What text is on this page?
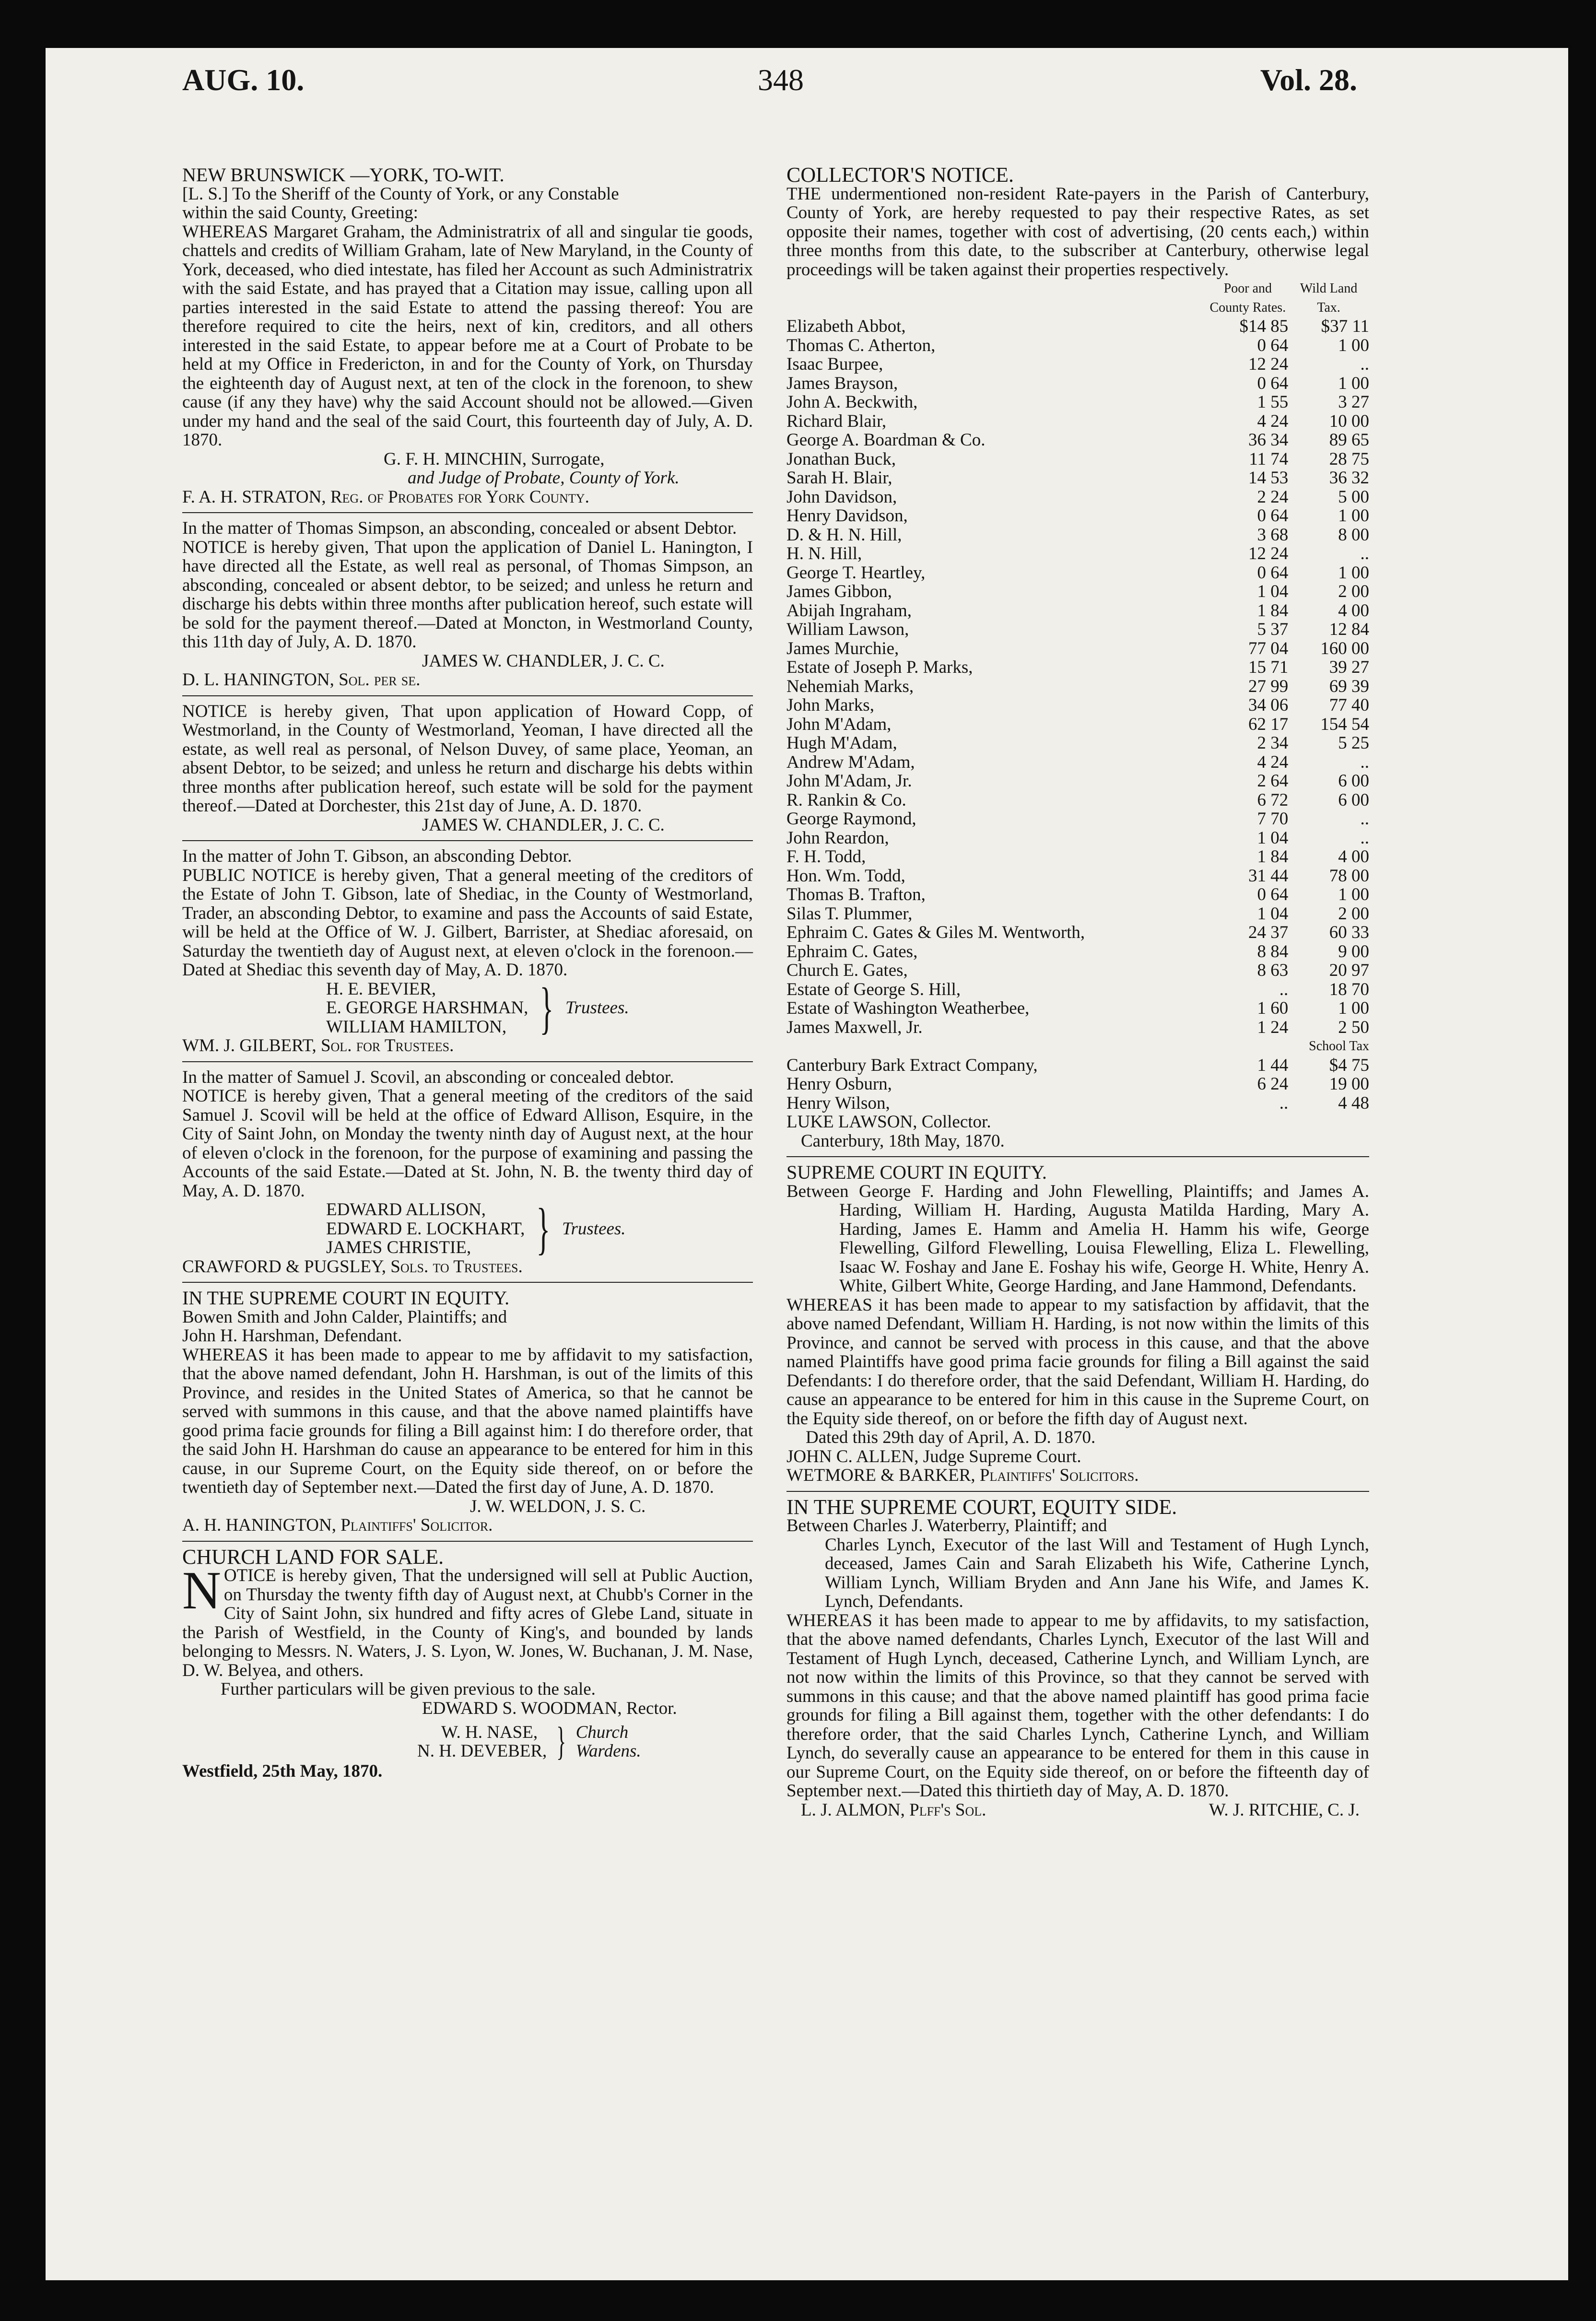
AUG. 10.	348	Vol. 28.

NEW BRUNSWICK —YORK, TO-WIT.

[L. S.] To the Sheriff of the County of York, or any Constable

within the said County, Greeting:

WHEREAS Margaret Graham, the Administratrix of all and singular tie goods, chattels and credits of William Graham, late of New Maryland, in the County of York, deceased, who died intestate, has filed her Account as such Administratrix with the said Estate, and has prayed that a Citation may issue, calling upon all parties interested in the said Estate to attend the passing thereof: You are therefore required to cite the heirs, next of kin, creditors, and all others interested in the said Estate, to appear before me at a Court of Probate to be held at my Office in Fredericton, in and for the County of York, on Thursday the eighteenth day of August next, at ten of the clock in the forenoon, to shew cause (if any they have) why the said Account should not be allowed.—Given under my hand and the seal of the said Court, this fourteenth day of July, A. D. 1870.

G. F. H. MINCHIN, Surrogate,

and Judge of Probate, County of York.

F. A. H. STRATON, Reg. of Probates for York County.

In the matter of Thomas Simpson, an absconding, concealed or absent Debtor.

NOTICE is hereby given, That upon the application of Daniel L. Hanington, I have directed all the Estate, as well real as personal, of Thomas Simpson, an absconding, concealed or absent debtor, to be seized; and unless he return and discharge his debts within three months after publication hereof, such estate will be sold for the payment thereof.—Dated at Moncton, in Westmorland County, this 11th day of July, A. D. 1870.

JAMES W. CHANDLER, J. C. C.

D. L. HANINGTON, Sol. per se.

NOTICE is hereby given, That upon application of Howard Copp, of Westmorland, in the County of Westmorland, Yeoman, I have directed all the estate, as well real as personal, of Nelson Duvey, of same place, Yeoman, an absent Debtor, to be seized; and unless he return and discharge his debts within three months after publication hereof, such estate will be sold for the payment thereof.—Dated at Dorchester, this 21st day of June, A. D. 1870.

JAMES W. CHANDLER, J. C. C.

In the matter of John T. Gibson, an absconding Debtor.

PUBLIC NOTICE is hereby given, That a general meeting of the creditors of the Estate of John T. Gibson, late of Shediac, in the County of Westmorland, Trader, an absconding Debtor, to examine and pass the Accounts of said Estate, will be held at the Office of W. J. Gilbert, Barrister, at Shediac aforesaid, on Saturday the twentieth day of August next, at eleven o'clock in the forenoon.—Dated at Shediac this seventh day of May, A. D. 1870.

H. E. BEVIER,
E. GEORGE HARSHMAN,
WILLIAM HAMILTON, } Trustees.

WM. J. GILBERT, Sol. for Trustees.

In the matter of Samuel J. Scovil, an absconding or concealed debtor.

NOTICE is hereby given, That a general meeting of the creditors of the said Samuel J. Scovil will be held at the office of Edward Allison, Esquire, in the City of Saint John, on Monday the twenty ninth day of August next, at the hour of eleven o'clock in the forenoon, for the purpose of examining and passing the Accounts of the said Estate.—Dated at St. John, N. B. the twenty third day of May, A. D. 1870.

EDWARD ALLISON,
EDWARD E. LOCKHART,
JAMES CHRISTIE,	} Trustees.

CRAWFORD & PUGSLEY, Sols. to Trustees.

IN THE SUPREME COURT IN EQUITY.

Bowen Smith and John Calder, Plaintiffs; and

John H. Harshman, Defendant.

WHEREAS it has been made to appear to me by affidavit to my satisfaction, that the above named defendant, John H. Harshman, is out of the limits of this Province, and resides in the United States of America, so that he cannot be served with summons in this cause, and that the above named plaintiffs have good prima facie grounds for filing a Bill against him: I do therefore order, that the said John H. Harshman do cause an appearance to be entered for him in this cause, in our Supreme Court, on the Equity side thereof, on or before the twentieth day of September next.—Dated the first day of June, A. D. 1870.

J. W. WELDON, J. S. C.

A. H. HANINGTON, Plaintiffs' Solicitor.

CHURCH LAND FOR SALE.

NOTICE is hereby given, That the undersigned will sell at Public Auction, on Thursday the twenty fifth day of August next, at Chubb's Corner in the City of Saint John, six hundred and fifty acres of Glebe Land, situate in the Parish of Westfield, in the County of King's, and bounded by lands belonging to Messrs. N. Waters, J. S. Lyon, W. Jones, W. Buchanan, J. M. Nase, D. W. Belyea, and others.

Further particulars will be given previous to the sale.

EDWARD S. WOODMAN, Rector.

W. H. NASE,
N. H. DEVEBER, } Church
Wardens.

Westfield, 25th May, 1870.

COLLECTOR'S NOTICE.

THE undermentioned non-resident Rate-payers in the Parish of Canterbury, County of York, are hereby requested to pay their respective Rates, as set opposite their names, together with cost of advertising, (20 cents each,) within three months from this date, to the subscriber at Canterbury, otherwise legal proceedings will be taken against their properties respectively.

	Poor and County Rates.	Wild Land Tax.
Elizabeth Abbot,	$14 85	$37 11
Thomas C. Atherton,	0 64	1 00
Isaac Burpee,	12 24	..
James Brayson,	0 64	1 00
John A. Beckwith,	1 55	3 27
Richard Blair,	4 24	10 00
George A. Boardman & Co.	36 34	89 65
Jonathan Buck,	11 74	28 75
Sarah H. Blair,	14 53	36 32
John Davidson,	2 24	5 00
Henry Davidson,	0 64	1 00
D. & H. N. Hill,	3 68	8 00
H. N. Hill,	12 24	..
George T. Heartley,	0 64	1 00
James Gibbon,	1 04	2 00
Abijah Ingraham,	1 84	4 00
William Lawson,	5 37	12 84
James Murchie,	77 04	160 00
Estate of Joseph P. Marks,	15 71	39 27
Nehemiah Marks,	27 99	69 39
John Marks,	34 06	77 40
John M'Adam,	62 17	154 54
Hugh M'Adam,	2 34	5 25
Andrew M'Adam,	4 24	..
John M'Adam, Jr.	2 64	6 00
R. Rankin & Co.	6 72	6 00
George Raymond,	7 70	..
John Reardon,	1 04	..
F. H. Todd,	1 84	4 00
Hon. Wm. Todd,	31 44	78 00
Thomas B. Trafton,	0 64	1 00
Silas T. Plummer,	1 04	2 00
Ephraim C. Gates & Giles M. Wentworth,	24 37	60 33
Ephraim C. Gates,	8 84	9 00
Church E. Gates,	8 63	20 97
Estate of George S. Hill,	..	18 70
Estate of Washington Weatherbee,	1 60	1 00
James Maxwell, Jr.	1 24	2 50
		School Tax
Canterbury Bark Extract Company,	1 44	$4 75
Henry Osburn,	6 24	19 00
Henry Wilson,	..	4 48

LUKE LAWSON, Collector.

Canterbury, 18th May, 1870.

SUPREME COURT IN EQUITY.

Between George F. Harding and John Flewelling, Plaintiffs; and James A. Harding, William H. Harding, Augusta Matilda Harding, Mary A. Harding, James E. Hamm and Amelia H. Hamm his wife, George Flewelling, Gilford Flewelling, Louisa Flewelling, Eliza L. Flewelling, Isaac W. Foshay and Jane E. Foshay his wife, George H. White, Henry A. White, Gilbert White, George Harding, and Jane Hammond, Defendants.

WHEREAS it has been made to appear to my satisfaction by affidavit, that the above named Defendant, William H. Harding, is not now within the limits of this Province, and cannot be served with process in this cause, and that the above named Plaintiffs have good prima facie grounds for filing a Bill against the said Defendants: I do therefore order, that the said Defendant, William H. Harding, do cause an appearance to be entered for him in this cause in the Supreme Court, on the Equity side thereof, on or before the fifth day of August next.

Dated this 29th day of April, A. D. 1870.

JOHN C. ALLEN, Judge Supreme Court.

WETMORE & BARKER, Plaintiffs' Solicitors.

IN THE SUPREME COURT, EQUITY SIDE.

Between Charles J. Waterberry, Plaintiff; and

Charles Lynch, Executor of the last Will and Testament of Hugh Lynch, deceased, James Cain and Sarah Elizabeth his Wife, Catherine Lynch, William Lynch, William Bryden and Ann Jane his Wife, and James K. Lynch, Defendants.

WHEREAS it has been made to appear to me by affidavits, to my satisfaction, that the above named defendants, Charles Lynch, Executor of the last Will and Testament of Hugh Lynch, deceased, Catherine Lynch, and William Lynch, are not now within the limits of this Province, so that they cannot be served with summons in this cause; and that the above named plaintiff has good prima facie grounds for filing a Bill against them, together with the other defendants: I do therefore order, that the said Charles Lynch, Catherine Lynch, and William Lynch, do severally cause an appearance to be entered for them in this cause in our Supreme Court, on the Equity side thereof, on or before the fifteenth day of September next.—Dated this thirtieth day of May, A. D. 1870.

L. J. ALMON, Plff's Sol.	W. J. RITCHIE, C. J.
